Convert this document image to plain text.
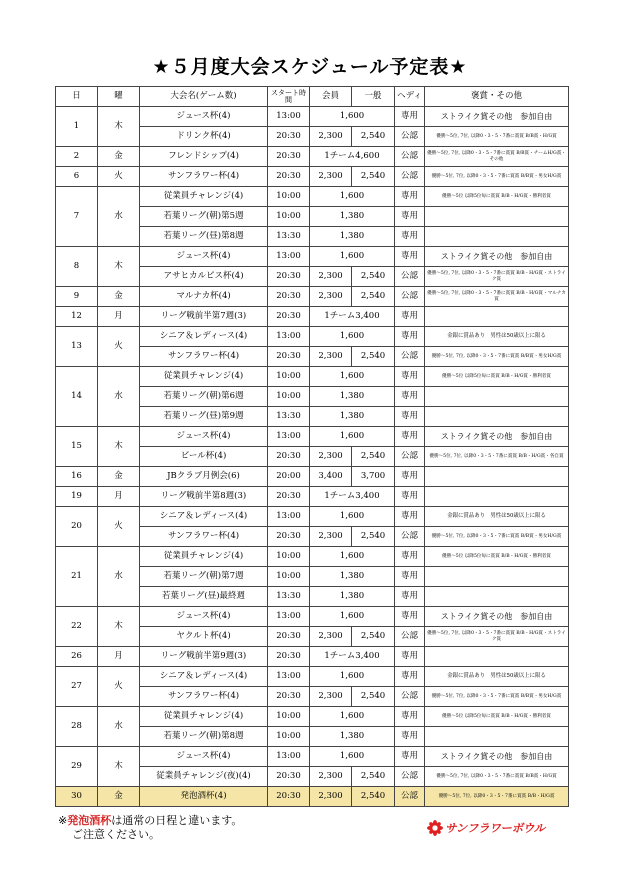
★５月度大会スケジュール予定表★
日	曜	大会名(ゲーム数)	スタート時間	会員	一般	ヘディ	褒賞・その他
1	木	ジュース杯(4)	13:00	1,600		専用	ストライク賞その他　参加自由
		ドリンク杯(4)	20:30	2,300	2,540	公認	優勝〜5位, 7位, 以降0・3・5・7番に賞賞 B/B賞・H/G賞
2	金	フレンドシップ(4)	20:30	1チーム4,600		公認	優勝〜5位, 7位, 以降0・3・5・7番に賞賞 B/B賞・チームH/G賞・その他
6	火	サンフラワー杯(4)	20:30	2,300	2,540	公認	優勝〜5位, 7位, 以降0・3・5・7番に賞賞 B/B賞・男女H/G賞
7	水	従業員チャレンジ(4)	10:00	1,600		専用	優勝〜5位 以降5位毎に賞賞 B/B・H/G賞・勝利者賞
		若葉リーグ(朝)第5週	10:00	1,380		専用	
		若葉リーグ(昼)第8週	13:30	1,380		専用	
8	木	ジュース杯(4)	13:00	1,600		専用	ストライク賞その他　参加自由
		アサヒカルピス杯(4)	20:30	2,300	2,540	公認	優勝〜5位, 7位, 以降0・3・5・7番に賞賞 B/B・H/G賞・ストライク賞
9	金	マルナカ杯(4)	20:30	2,300	2,540	公認	優勝〜5位, 7位, 以降0・3・5・7番に賞賞 B/B・H/G賞・マルナカ賞
12	月	リーグ戦前半第7週(3)	20:30	1チーム3,400		専用	
13	火	シニア＆レディース(4)	13:00	1,600		専用	金銀に賞品あり　男性は50歳以上に限る
		サンフラワー杯(4)	20:30	2,300	2,540	公認	優勝〜5位, 7位, 以降0・3・5・7番に賞賞 B/B賞・男女H/G賞
14	水	従業員チャレンジ(4)	10:00	1,600		専用	優勝〜5位 以降5位毎に賞賞 B/B・H/G賞・勝利者賞
		若葉リーグ(朝)第6週	10:00	1,380		専用	
		若葉リーグ(昼)第9週	13:30	1,380		専用	
15	木	ジュース杯(4)	13:00	1,600		専用	ストライク賞その他　参加自由
		ビール杯(4)	20:30	2,300	2,540	公認	優勝〜5位, 7位, 以降0・3・5・7番に賞賞 B/B・H/G賞・各自賞
16	金	JBクラブ月例会(6)	20:00	3,400	3,700	専用	
19	月	リーグ戦前半第8週(3)	20:30	1チーム3,400		専用	
20	火	シニア＆レディース(4)	13:00	1,600		専用	金銀に賞品あり　男性は50歳以上に限る
		サンフラワー杯(4)	20:30	2,300	2,540	公認	優勝〜5位, 7位, 以降0・3・5・7番に賞賞 B/B賞・男女H/G賞
21	水	従業員チャレンジ(4)	10:00	1,600		専用	優勝〜5位 以降5位毎に賞賞 B/B・H/G賞・勝利者賞
		若葉リーグ(朝)第7週	10:00	1,380		専用	
		若葉リーグ(昼)最終週	13:30	1,380		専用	
22	木	ジュース杯(4)	13:00	1,600		専用	ストライク賞その他　参加自由
		ヤクルト杯(4)	20:30	2,300	2,540	公認	優勝〜5位, 7位, 以降0・3・5・7番に賞賞 B/B・H/G賞・ストライク賞
26	月	リーグ戦前半第9週(3)	20:30	1チーム3,400		専用	
27	火	シニア＆レディース(4)	13:00	1,600		専用	金銀に賞品あり　男性は50歳以上に限る
		サンフラワー杯(4)	20:30	2,300	2,540	公認	優勝〜5位, 7位, 以降0・3・5・7番に賞賞 B/B賞・男女H/G賞
28	水	従業員チャレンジ(4)	10:00	1,600		専用	優勝〜5位 以降5位毎に賞賞 B/B・H/G賞・勝利者賞
		若葉リーグ(朝)第8週	10:00	1,380		専用	
29	木	ジュース杯(4)	13:00	1,600		専用	ストライク賞その他　参加自由
		従業員チャレンジ(夜)(4)	20:30	2,300	2,540	公認	優勝〜5位, 7位, 以降0・3・5・7番に賞賞 B/B賞・H/G賞
30	金	発泡酒杯(4)	20:30	2,300	2,540	公認	優勝〜5位, 7位, 以降0・3・5・7番に賞賞 B/B・H/G賞
※発泡酒杯は通常の日程と違います。
ご注意ください。	サンフラワーボウル
